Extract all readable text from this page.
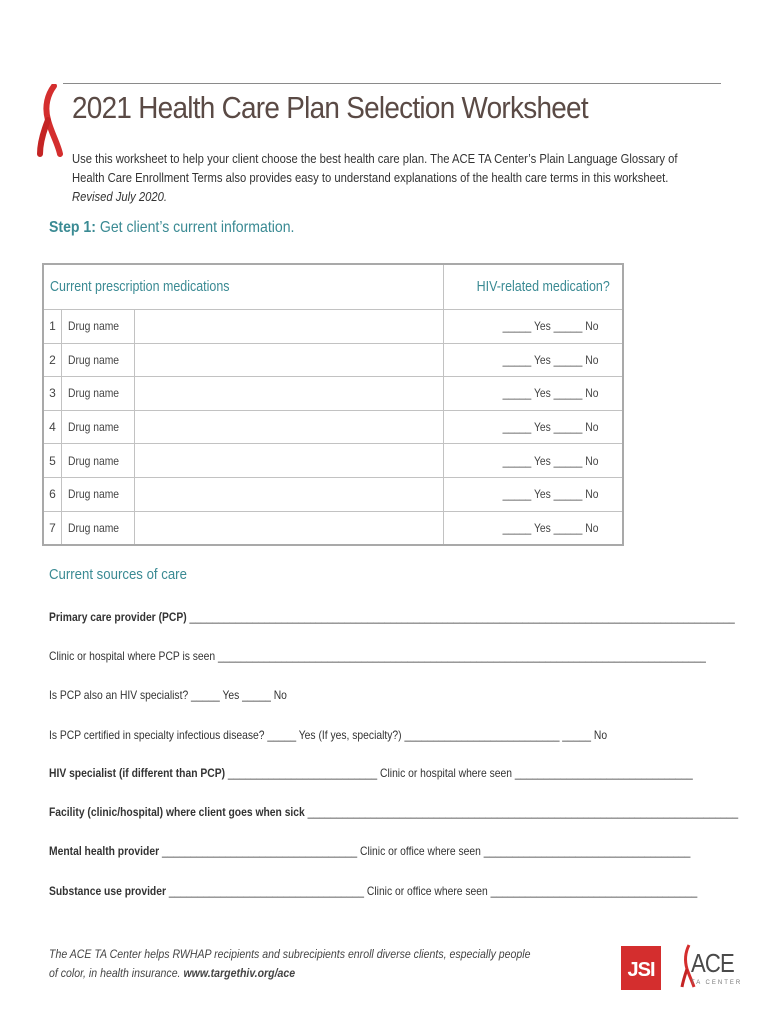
2021 Health Care Plan Selection Worksheet
Use this worksheet to help your client choose the best health care plan. The ACE TA Center’s Plain Language Glossary of Health Care Enrollment Terms also provides easy to understand explanations of the health care terms in this worksheet. Revised July 2020.
Step 1: Get client’s current information.
Current prescription medications			HIV-related medication?
1	Drug name		_____ Yes _____ No
2	Drug name		_____ Yes _____ No
3	Drug name		_____ Yes _____ No
4	Drug name		_____ Yes _____ No
5	Drug name		_____ Yes _____ No
6	Drug name		_____ Yes _____ No
7	Drug name		_____ Yes _____ No
Current sources of care
Primary care provider (PCP) _______________________________________________________________________________________________
Clinic or hospital where PCP is seen _____________________________________________________________________________________
Is PCP also an HIV specialist? _____ Yes _____ No
Is PCP certified in specialty infectious disease? _____ Yes (If yes, specialty?) ___________________________ _____ No
HIV specialist (if different than PCP) __________________________ Clinic or hospital where seen _______________________________
Facility (clinic/hospital) where client goes when sick ___________________________________________________________________________
Mental health provider __________________________________ Clinic or office where seen ____________________________________
Substance use provider __________________________________ Clinic or office where seen ____________________________________
The ACE TA Center helps RWHAP recipients and subrecipients enroll diverse clients, especially people
of color, in health insurance. www.targethiv.org/ace	JSI ACE
TA CENTER
